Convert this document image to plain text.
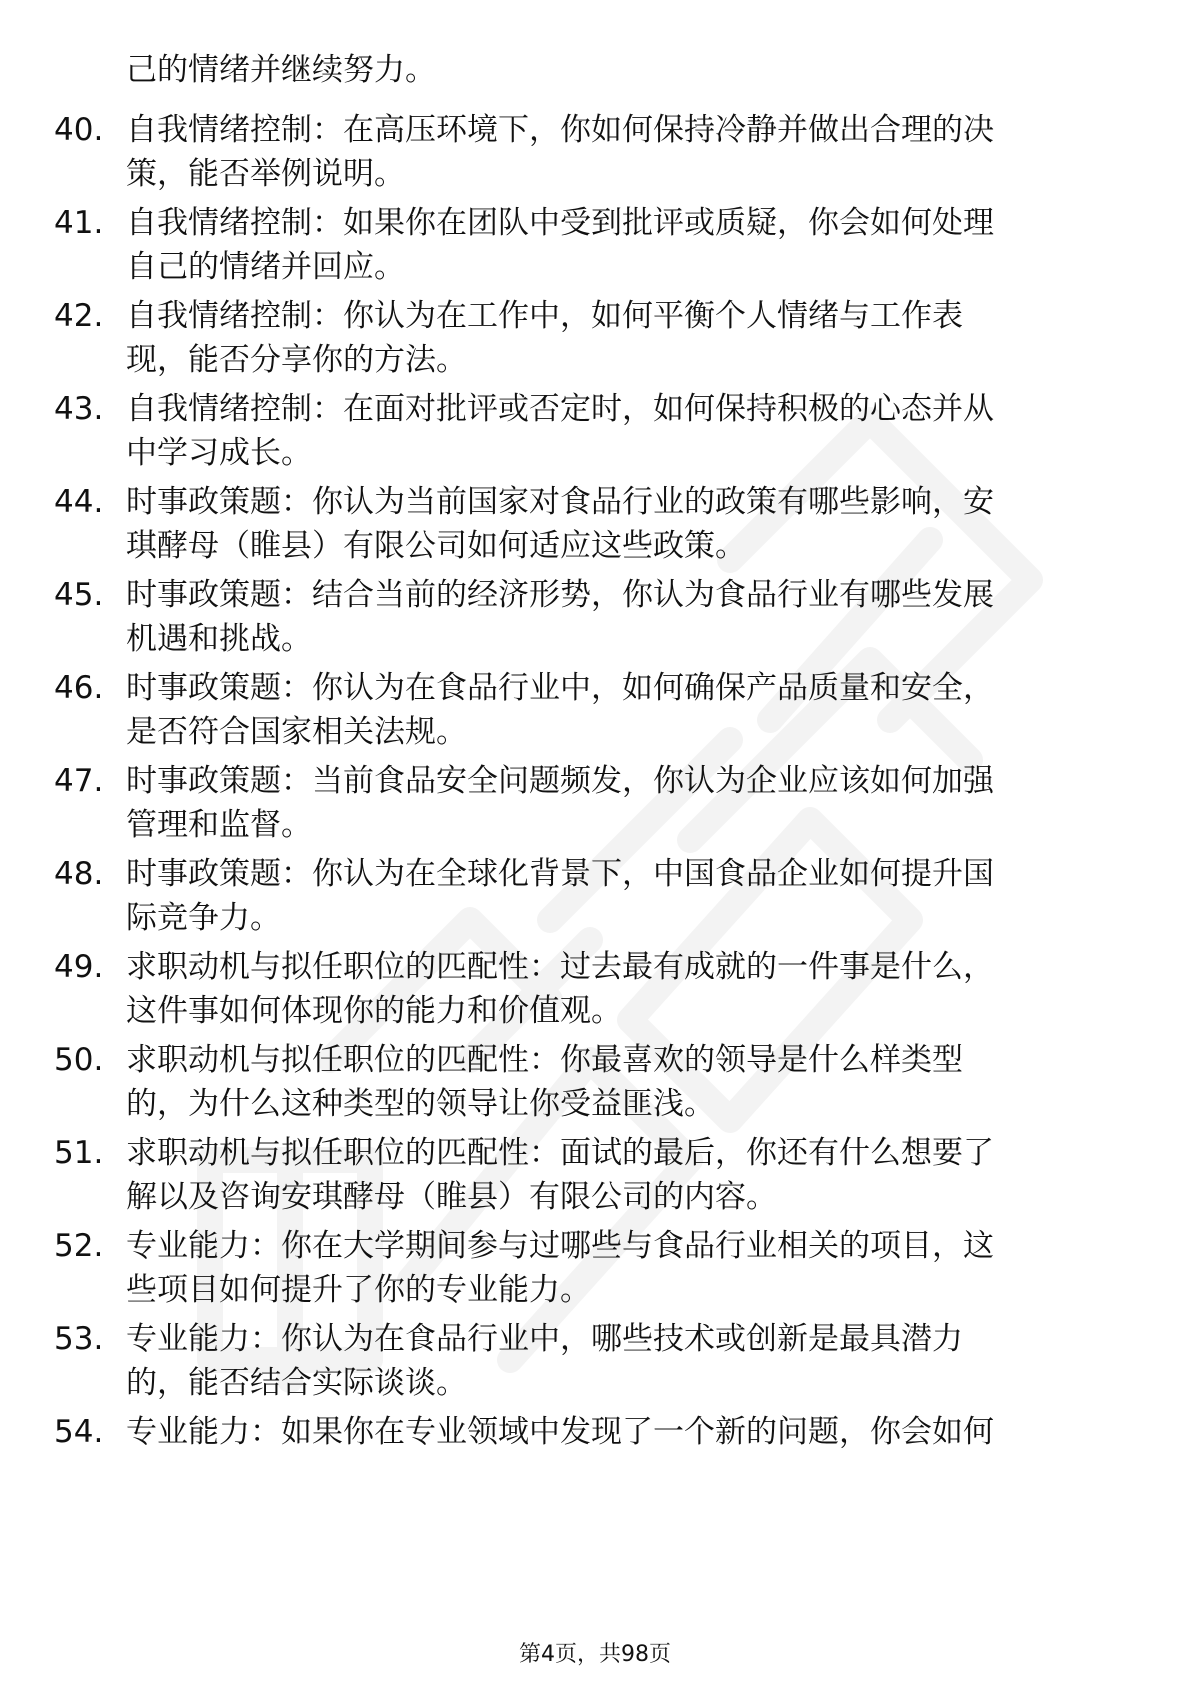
己的情绪并继续努力。
40. 自我情绪控制：在高压环境下，你如何保持冷静并做出合理的决
策，能否举例说明。
41. 自我情绪控制：如果你在团队中受到批评或质疑，你会如何处理
自己的情绪并回应。
42. 自我情绪控制：你认为在工作中，如何平衡个人情绪与工作表
现，能否分享你的方法。
43. 自我情绪控制：在面对批评或否定时，如何保持积极的心态并从
中学习成长。
44. 时事政策题：你认为当前国家对食品行业的政策有哪些影响，安
琪酵母（睢县）有限公司如何适应这些政策。
45. 时事政策题：结合当前的经济形势，你认为食品行业有哪些发展
机遇和挑战。
46. 时事政策题：你认为在食品行业中，如何确保产品质量和安全，
是否符合国家相关法规。
47. 时事政策题：当前食品安全问题频发，你认为企业应该如何加强
管理和监督。
48. 时事政策题：你认为在全球化背景下，中国食品企业如何提升国
际竞争力。
49. 求职动机与拟任职位的匹配性：过去最有成就的一件事是什么，
这件事如何体现你的能力和价值观。
50. 求职动机与拟任职位的匹配性：你最喜欢的领导是什么样类型
的，为什么这种类型的领导让你受益匪浅。
51. 求职动机与拟任职位的匹配性：面试的最后，你还有什么想要了
解以及咨询安琪酵母（睢县）有限公司的内容。
52. 专业能力：你在大学期间参与过哪些与食品行业相关的项目，这
些项目如何提升了你的专业能力。
53. 专业能力：你认为在食品行业中，哪些技术或创新是最具潜力
的，能否结合实际谈谈。
54. 专业能力：如果你在专业领域中发现了一个新的问题，你会如何
第4页，共98页
